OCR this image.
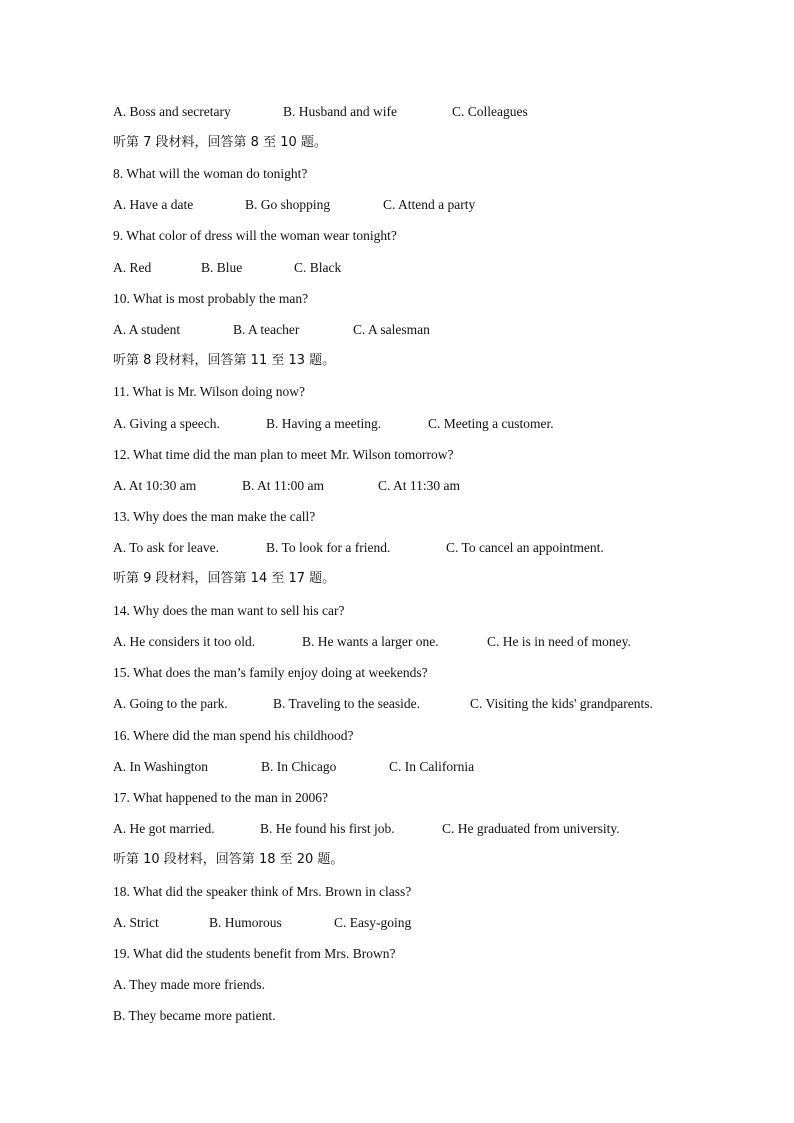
A. Boss and secretary	B. Husband and wife	C. Colleagues
听第 7 段材料，回答第 8 至 10 题。
8. What will the woman do tonight?
A. Have a date	B. Go shopping	C. Attend a party
9. What color of dress will the woman wear tonight?
A. Red	B. Blue	C. Black
10. What is most probably the man?
A. A student	B. A teacher	C. A salesman
听第 8 段材料，回答第 11 至 13 题。
11. What is Mr. Wilson doing now?
A. Giving a speech.	B. Having a meeting.	C. Meeting a customer.
12. What time did the man plan to meet Mr. Wilson tomorrow?
A. At 10:30 am	B. At 11:00 am	C. At 11:30 am
13. Why does the man make the call?
A. To ask for leave.	B. To look for a friend.	C. To cancel an appointment.
听第 9 段材料，回答第 14 至 17 题。
14. Why does the man want to sell his car?
A. He considers it too old.	B. He wants a larger one.	C. He is in need of money.
15. What does the man’s family enjoy doing at weekends?
A. Going to the park.	B. Traveling to the seaside.	C. Visiting the kids' grandparents.
16. Where did the man spend his childhood?
A. In Washington	B. In Chicago	C. In California
17. What happened to the man in 2006?
A. He got married.	B. He found his first job.	C. He graduated from university.
听第 10 段材料，回答第 18 至 20 题。
18. What did the speaker think of Mrs. Brown in class?
A. Strict	B. Humorous	C. Easy-going
19. What did the students benefit from Mrs. Brown?
A. They made more friends.
B. They became more patient.
